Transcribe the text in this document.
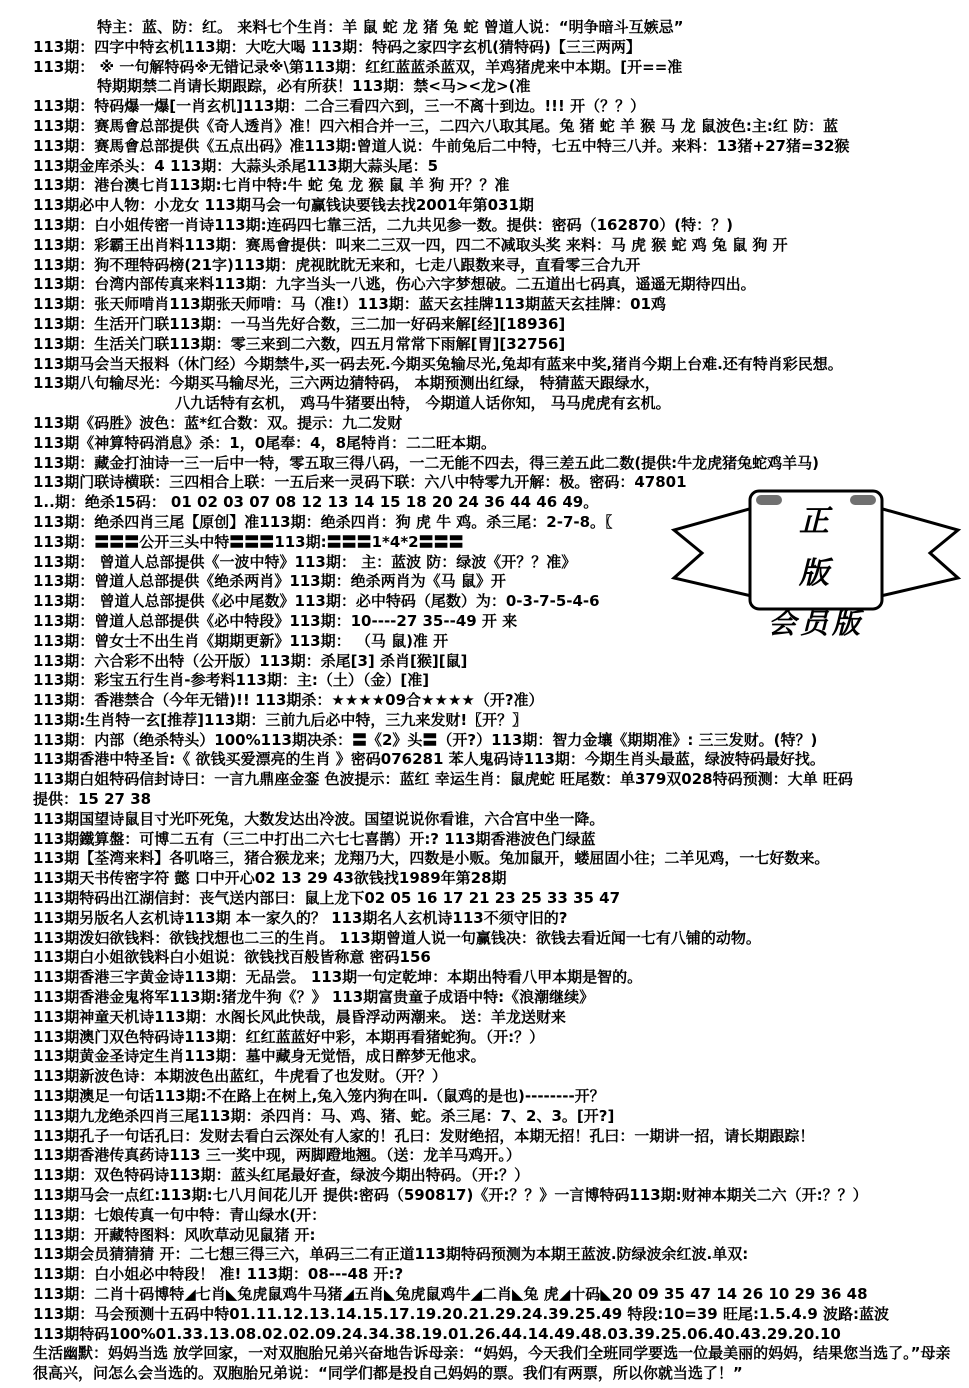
特主：蓝、防：红。 来料七个生肖：羊 鼠 蛇 龙 猪 兔 蛇 曾道人说：“明争暗斗互嫉忌”
113期：四字中特玄机113期：大吃大喝 113期：特码之家四字玄机(猜特码)【三三两两】
113期： ※ 一句解特码※无错记录※\第113期：红红蓝蓝杀蓝双，羊鸡猪虎来中本期。[开==准
特期期禁二肖请长期跟踪，必有所获！113期：禁<马><龙>(准
113期：特码爆一爆[一肖玄机]113期：二合三看四六到，三一不离十到边。!!! 开（？？）
113期：赛馬會总部提供《奇人透肖》准！四六相合并一三，二四六八取其尾。兔 猪 蛇 羊 猴 马 龙 鼠波色:主:红 防：蓝
113期：赛馬會总部提供《五点出码》准113期:曾道人说：牛前兔后二中特，七五中特三八并。来料：13猪+27猪=32猴
113期金库杀头：4 113期：大蒜头杀尾113期大蒜头尾：5
113期：港台澳七肖113期:七肖中特:牛 蛇 兔 龙 猴 鼠 羊 狗 开？？准
113期必中人物：小龙女 113期马会一句赢钱诀要钱去找2001年第031期
113期：白小姐传密一肖诗113期:连码四七靠三活，二九共见参一数。提供：密码（162870）(特：？)
113期：彩霸王出肖料113期：赛馬會提供：叫来二三双一四，四二不减取头奖 来料：马 虎 猴 蛇 鸡 兔 鼠 狗 开
113期：狗不理特码榜(21字)113期：虎视眈眈无来和，七走八跟数来寻，直看零三合九开
113期：台湾内部传真来料113期：九字当头一八逃，伤心六字梦想破。二五道出七码真，遥遥无期待四出。
113期：张天师啃肖113期张天师啃：马（准!）113期：蓝天玄挂牌113期蓝天玄挂牌：01鸡
113期：生活开门联113期：一马当先好合数，三二加一好码来解[经][18936]
113期：生活关门联113期：零三来到二六数，四五月常常下雨解[胃][32756]
113期马会当天报料（休门经）今期禁牛,买一码去死.今期买兔输尽光,兔却有蓝来中奖,猪肖今期上台难.还有特肖彩民想。
113期八句输尽光：今期买马输尽光，三六两边猜特码， 本期预测出红绿， 特猜蓝天跟绿水，
八九话特有玄机， 鸡马牛猪要出特， 今期道人话你知， 马马虎虎有玄机。
113期《码胜》波色：蓝*红合数：双。提示：九二发财
113期《神算特码消息》杀：1，0尾奉：4，8尾特肖：二二旺本期。
113期：藏金打油诗一三一后中一特，零五取三得八码，一二无能不四去，得三差五此二数(提供:牛龙虎猪兔蛇鸡羊马)
113期门联诗横联：三四相合上联：一五后来一灵码下联：六八中特零九开解：极。密码：47801
1..期：绝杀15码： 01 02 03 07 08 12 13 14 15 18 20 24 36 44 46 49。
113期：绝杀四肖三尾【原创】准113期：绝杀四肖：狗 虎 牛 鸡。杀三尾：2-7-8。〖
113期：〓〓〓公开三头中特〓〓〓113期:〓〓〓1*4*2〓〓〓
113期： 曾道人总部提供《一波中特》113期： 主：蓝波 防：绿波《开？？准》
113期：曾道人总部提供《绝杀两肖》113期：绝杀两肖为《马 鼠》开
113期： 曾道人总部提供《必中尾数》113期：必中特码（尾数）为：0-3-7-5-4-6
113期：曾道人总部提供《必中特段》113期：10----27 35--49 开 来
113期：曾女士不出生肖《期期更新》113期： （马 鼠)准 开
113期：六合彩不出特（公开版）113期：杀尾[3] 杀肖[猴][鼠]
113期：彩宝五行生肖-参考料113期：主:（土）（金）[准]
113期：香港禁合（今年无错)!! 113期杀：★★★★09合★★★★（开?准）
113期:生肖特一玄[推荐]113期：三前九后必中特，三九来发财!〖开？〗
113期：内部（绝杀特头）100%113期决杀：〓《2》头〓（开?）113期：智力金壤《期期准》: 三三发财。(特？)
113期香港中特圣旨:《 欲钱买爱漂亮的生肖 》密码076281 苯人鬼码诗113期：今期生肖头最蓝，绿波特码最好找。
113期白姐特码信封诗曰：一言九鼎座金銮 色波提示：蓝红 幸运生肖：鼠虎蛇 旺尾数：单379双028特码预测：大单 旺码
提供：15 27 38
113期国望诗鼠目寸光吓死兔，大数发达出冷波。国望说说你看谁，六合宫中坐一降。
113期鐵算盤：可博二五有（三二中打出二六七七喜鹊）开:? 113期香港波色门绿蓝
113期【荃湾来料】各叽咯三，猪合猴龙来；龙翔乃大，四数是小贩。兔加鼠开，蝼屈固小往；二羊见鸡，一七好数来。
113期天书传密字符 懿 口中开心02 13 29 43欲钱找1989年第28期
113期特码出江湖信封：丧气送内部曰：鼠上龙下02 05 16 17 21 23 25 33 35 47
113期另版名人玄机诗113期 本一家久的？ 113期名人玄机诗113不须守旧的?
113期泼妇欲钱料：欲钱找想也二三的生肖。 113期曾道人说一句赢钱决：欲钱去看近闻一七有八铺的动物。
113期白小姐欲钱料白小姐说：欲钱找百般皆称意 密码156
113期香港三字黄金诗113期：无品尝。 113期一句定乾坤：本期出特看八甲本期是智的。
113期香港金鬼将军113期:猪龙牛狗《？》 113期富贵童子成语中特:《浪潮继续》
113期神童天机诗113期：水阁长风此快哉，晨昏浮动两潮来。 送：羊龙送财来
113期澳门双色特码诗113期：红红蓝蓝好中彩，本期再看猪蛇狗。（开:？）
113期黄金圣诗定生肖113期：墓中藏身无觉悟，成日醉梦无他求。
113期新波色诗：本期波色出蓝红，牛虎看了也发财。（开？）
113期澳足一句话113期:不在路上在树上,兔入笼内狗在叫.（鼠鸡的是也)--------开？
113期九龙绝杀四肖三尾113期：杀四肖：马、鸡、猪、蛇。杀三尾：7、2、3。[开?]
113期孔子一句话孔曰：发财去看白云深处有人家的！孔曰：发财绝招，本期无招！孔曰：一期讲一招，请长期跟踪！
113期香港传真药诗113 三一奖中现，两脚蹬地翘。（送：龙羊马鸡开。）
113期：双色特码诗113期：蓝头红尾最好查，绿波今期出特码。（开:？）
113期马会一点红:113期:七八月间花儿开 提供:密码（590817)《开:？？》一言博特码113期:财神本期关二六（开:？？）
113期：七娘传真一句中特：青山绿水(开：
113期：开藏特图料：风吹草动见鼠猪 开:
113期会员猜猜猜 开：二七想三得三六，单码三二有正道113期特码预测为本期王蓝波.防绿波余红波.单双:
113期：白小姐必中特段！ 准! 113期：08---48 开:?
113期：二肖十码博特◢七肖◣兔虎鼠鸡牛马猪◢五肖◣兔虎鼠鸡牛◢二肖◣兔 虎◢十码◣20 09 35 47 14 26 10 29 36 48
113期：马会预测十五码中特01.11.12.13.14.15.17.19.20.21.29.24.39.25.49 特段:10=39 旺尾:1.5.4.9 波路:蓝波
113期特码100%01.33.13.08.02.02.09.24.34.38.19.01.26.44.14.49.48.03.39.25.06.40.43.29.20.10
生活幽默：妈妈当选 放学回家，一对双胞胎兄弟兴奋地告诉母亲：“妈妈，今天我们全班同学要选一位最美丽的妈妈，结果您当选了。”母亲很高兴，问怎么会当选的。双胞胎兄弟说：“同学们都是投自己妈妈的票。我们有两票，所以你就当选了！”
正版
会员版
